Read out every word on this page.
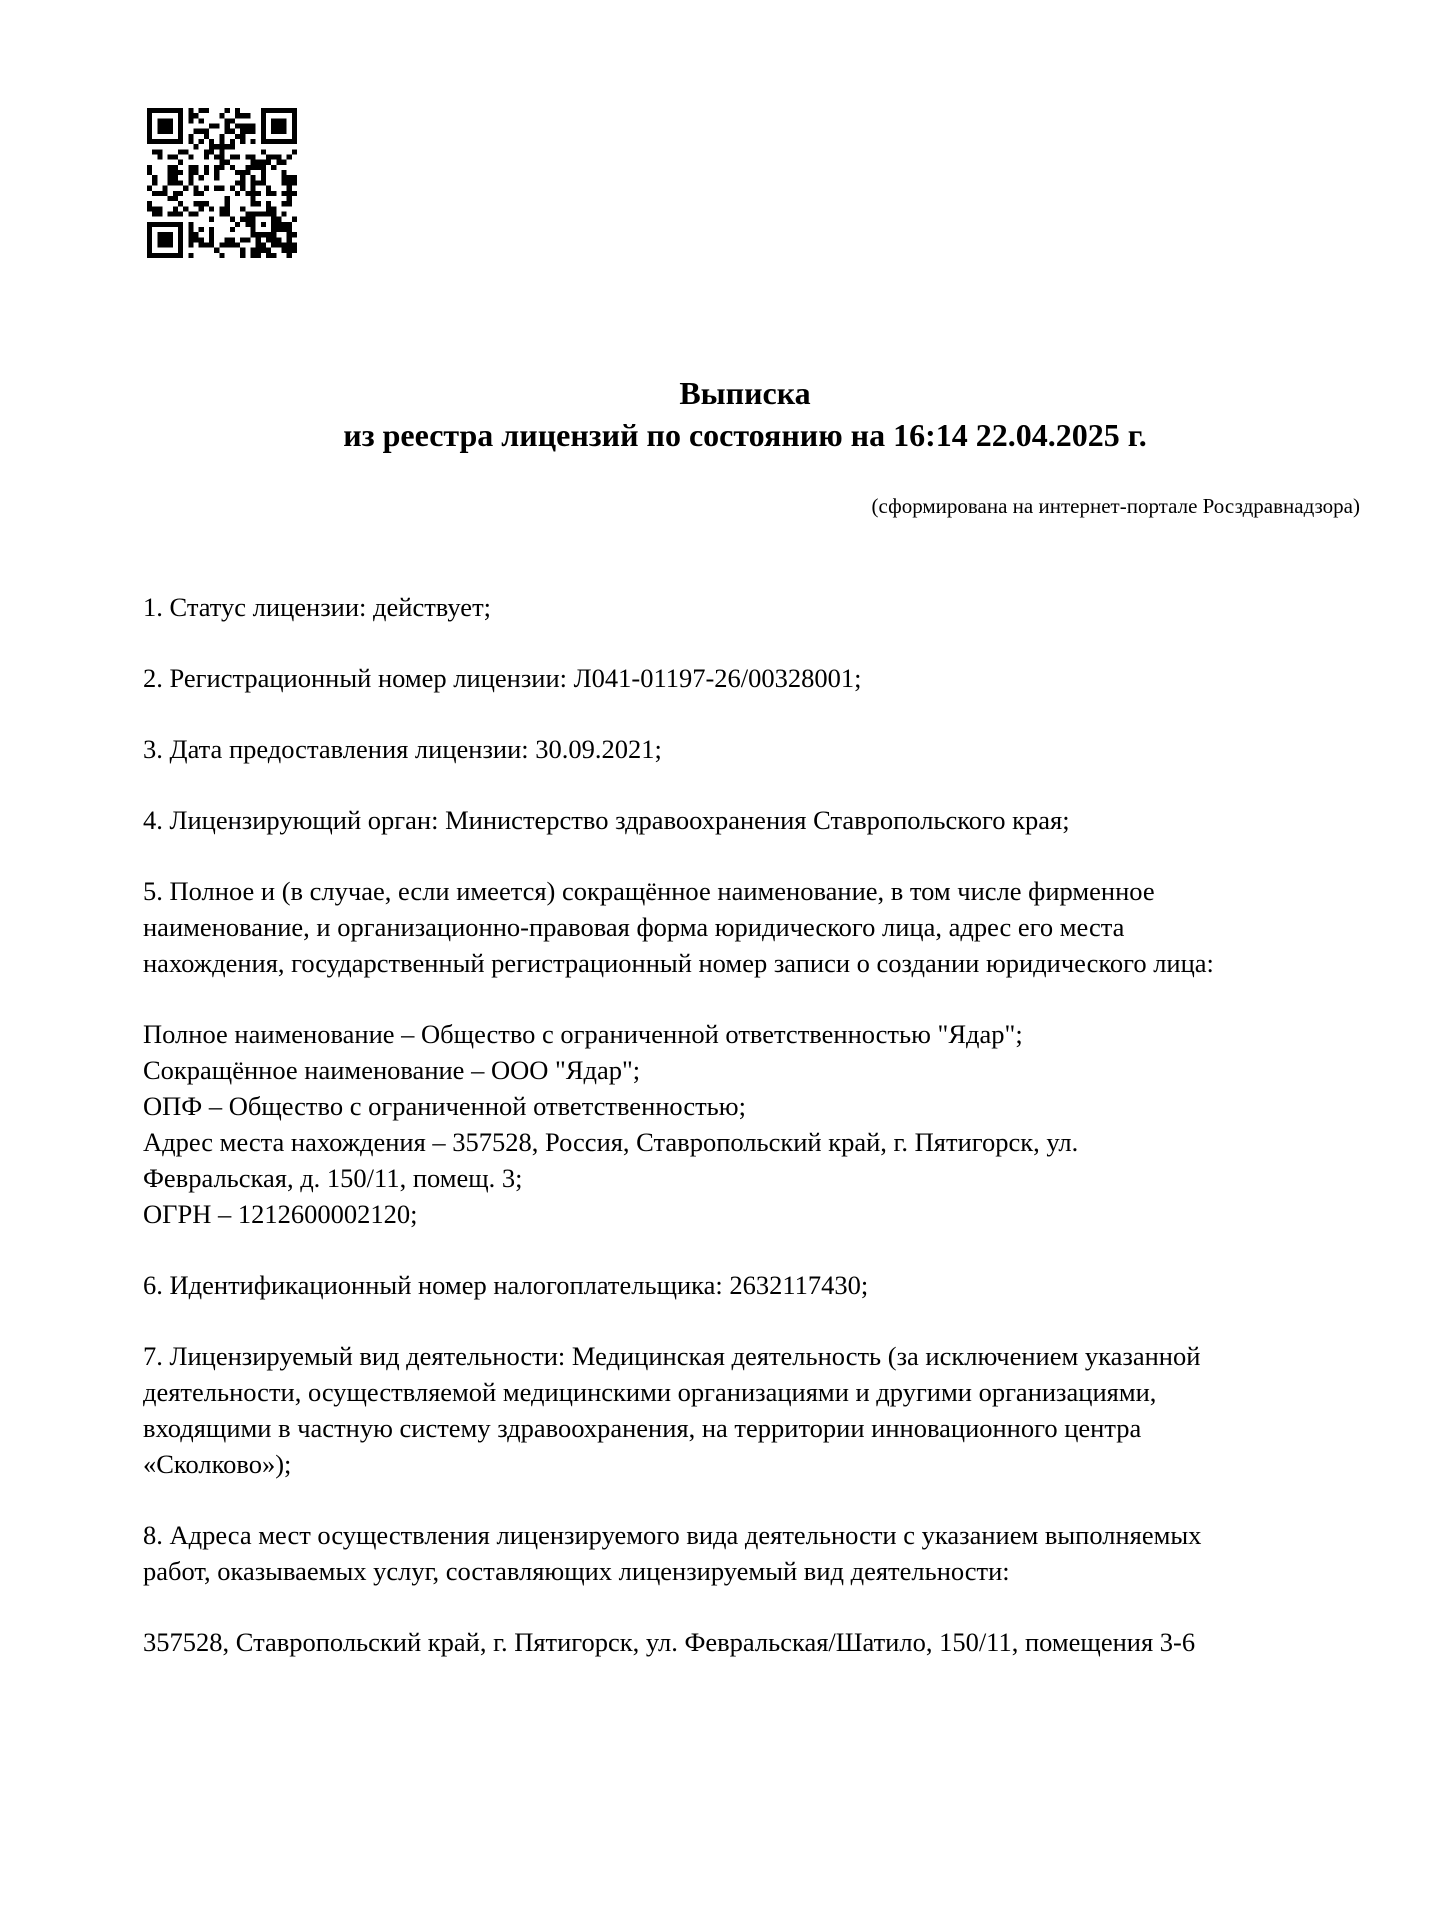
Выписка
из реестра лицензий по состоянию на 16:14 22.04.2025 г.
(сформирована на интернет-портале Росздравнадзора)

1. Статус лицензии: действует;

2. Регистрационный номер лицензии: Л041-01197-26/00328001;

3. Дата предоставления лицензии: 30.09.2021;

4. Лицензирующий орган: Министерство здравоохранения Ставропольского края;

5. Полное и (в случае, если имеется) сокращённое наименование, в том числе фирменное
наименование, и организационно-правовая форма юридического лица, адрес его места
нахождения, государственный регистрационный номер записи о создании юридического лица:

Полное наименование – Общество с ограниченной ответственностью "Ядар";
Сокращённое наименование – ООО "Ядар";
ОПФ – Общество с ограниченной ответственностью;
Адрес места нахождения – 357528, Россия, Ставропольский край, г. Пятигорск, ул.
Февральская, д. 150/11, помещ. 3;
ОГРН – 1212600002120;

6. Идентификационный номер налогоплательщика: 2632117430;

7. Лицензируемый вид деятельности: Медицинская деятельность (за исключением указанной
деятельности, осуществляемой медицинскими организациями и другими организациями,
входящими в частную систему здравоохранения, на территории инновационного центра
«Сколково»);

8. Адреса мест осуществления лицензируемого вида деятельности с указанием выполняемых
работ, оказываемых услуг, составляющих лицензируемый вид деятельности:

357528, Ставропольский край, г. Пятигорск, ул. Февральская/Шатило, 150/11, помещения 3-6
